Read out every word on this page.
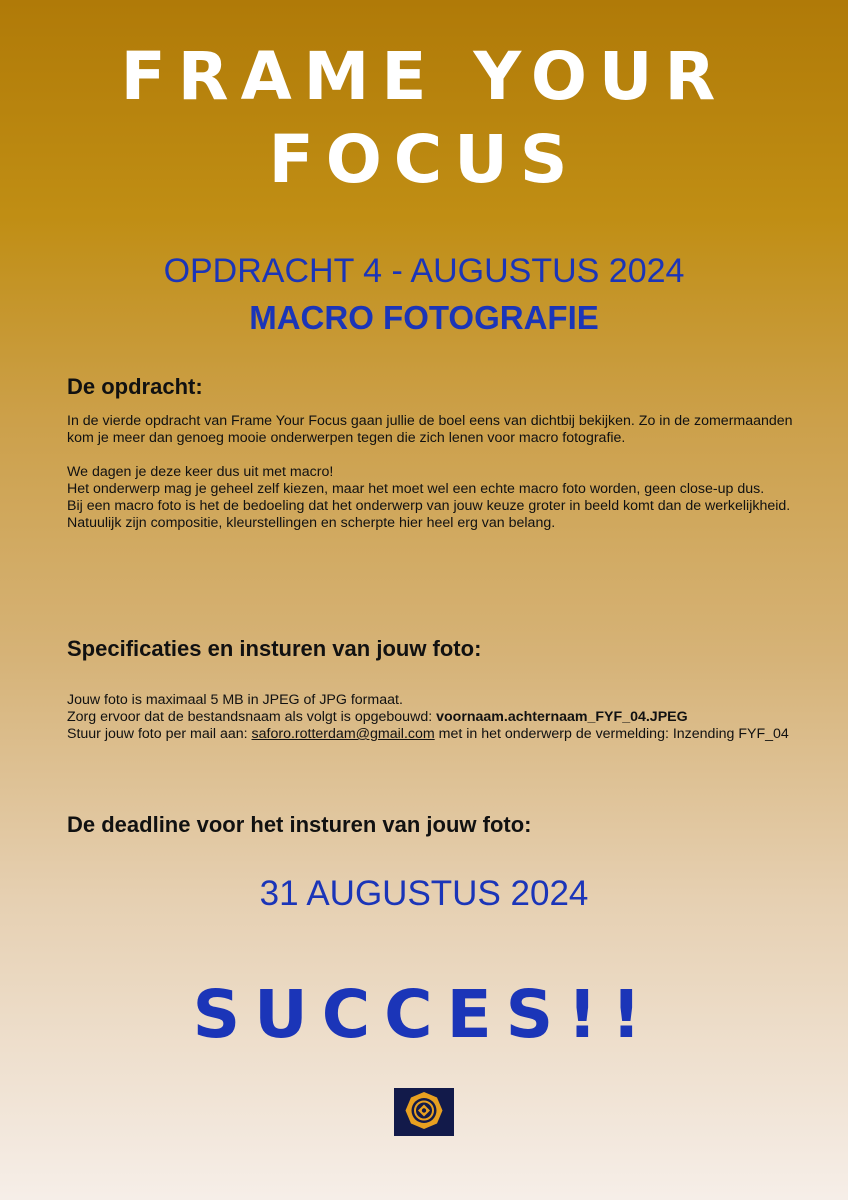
FRAME YOUR
FOCUS
OPDRACHT 4 - AUGUSTUS 2024
MACRO FOTOGRAFIE
De opdracht:

In de vierde opdracht van Frame Your Focus gaan jullie de boel eens van dichtbij bekijken. Zo in de zomermaanden kom je meer dan genoeg mooie onderwerpen tegen die zich lenen voor macro fotografie.

We dagen je deze keer dus uit met macro!

Het onderwerp mag je geheel zelf kiezen, maar het moet wel een echte macro foto worden, geen close-up dus.

Bij een macro foto is het de bedoeling dat het onderwerp van jouw keuze groter in beeld komt dan de werkelijkheid.

Natuulijk zijn compositie, kleurstellingen en scherpte hier heel erg van belang.

Specificaties en insturen van jouw foto:

Jouw foto is maximaal 5 MB in JPEG of JPG formaat.

Zorg ervoor dat de bestandsnaam als volgt is opgebouwd: voornaam.achternaam_FYF_04.JPEG

Stuur jouw foto per mail aan: saforo.rotterdam@gmail.com met in het onderwerp de vermelding: Inzending FYF_04

De deadline voor het insturen van jouw foto:
31 AUGUSTUS 2024
SUCCES!!
